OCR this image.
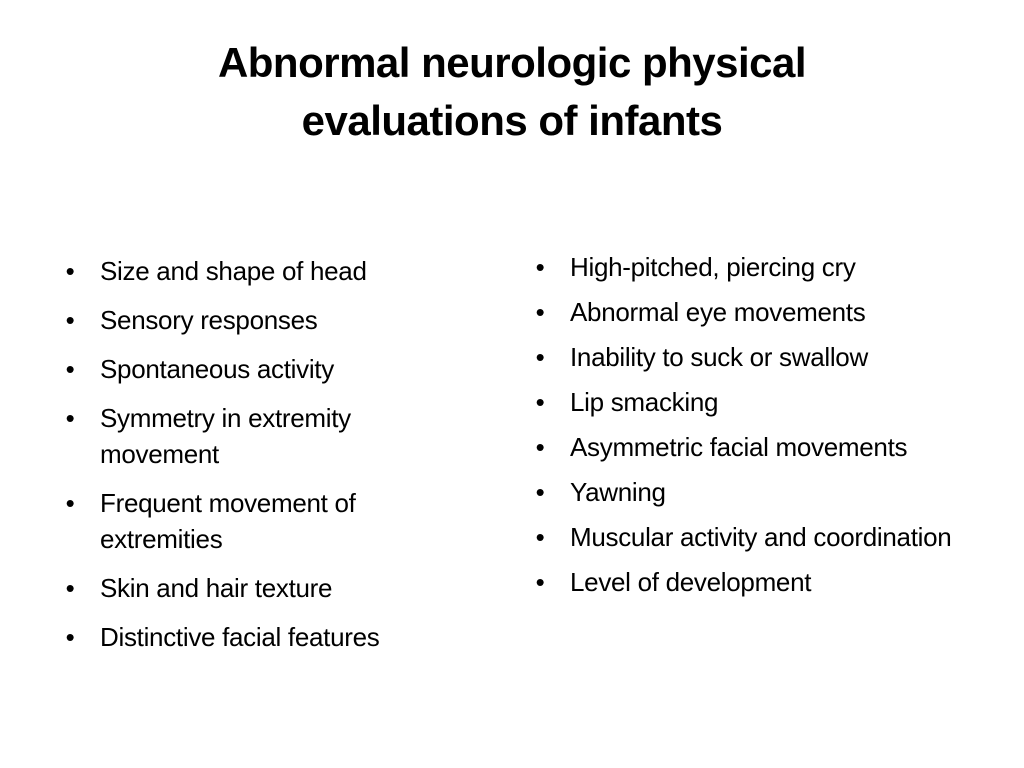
Abnormal neurologic physical
evaluations of infants
• Size and shape of head
• Sensory responses
• Spontaneous activity
• Symmetry in extremity movement
• Frequent movement of extremities
• Skin and hair texture
• Distinctive facial features
• High-pitched, piercing cry
• Abnormal eye movements
• Inability to suck or swallow
• Lip smacking
• Asymmetric facial movements
• Yawning
• Muscular activity and coordination
• Level of development
